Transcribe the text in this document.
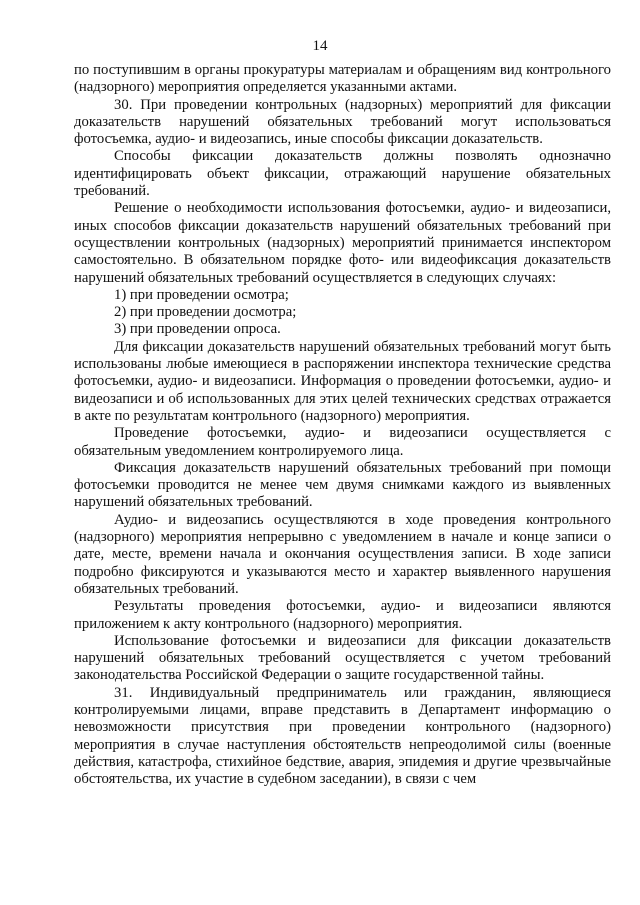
14

по поступившим в органы прокуратуры материалам и обращениям вид контрольного (надзорного) мероприятия определяется указанными актами.

30. При проведении контрольных (надзорных) мероприятий для фиксации доказательств нарушений обязательных требований могут использоваться фотосъемка, аудио- и видеозапись, иные способы фиксации доказательств.

Способы фиксации доказательств должны позволять однозначно идентифицировать объект фиксации, отражающий нарушение обязательных требований.

Решение о необходимости использования фотосъемки, аудио- и видеозаписи, иных способов фиксации доказательств нарушений обязательных требований при осуществлении контрольных (надзорных) мероприятий принимается инспектором самостоятельно. В обязательном порядке фото- или видеофиксация доказательств нарушений обязательных требований осуществляется в следующих случаях:

1) при проведении осмотра;

2) при проведении досмотра;

3) при проведении опроса.

Для фиксации доказательств нарушений обязательных требований могут быть использованы любые имеющиеся в распоряжении инспектора технические средства фотосъемки, аудио- и видеозаписи. Информация о проведении фотосъемки, аудио- и видеозаписи и об использованных для этих целей технических средствах отражается в акте по результатам контрольного (надзорного) мероприятия.

Проведение фотосъемки, аудио- и видеозаписи осуществляется с обязательным уведомлением контролируемого лица.

Фиксация доказательств нарушений обязательных требований при помощи фотосъемки проводится не менее чем двумя снимками каждого из выявленных нарушений обязательных требований.

Аудио- и видеозапись осуществляются в ходе проведения контрольного (надзорного) мероприятия непрерывно с уведомлением в начале и конце записи о дате, месте, времени начала и окончания осуществления записи. В ходе записи подробно фиксируются и указываются место и характер выявленного нарушения обязательных требований.

Результаты проведения фотосъемки, аудио- и видеозаписи являются приложением к акту контрольного (надзорного) мероприятия.

Использование фотосъемки и видеозаписи для фиксации доказательств нарушений обязательных требований осуществляется с учетом требований законодательства Российской Федерации о защите государственной тайны.

31. Индивидуальный предприниматель или гражданин, являющиеся контролируемыми лицами, вправе представить в Департамент информацию о невозможности присутствия при проведении контрольного (надзорного) мероприятия в случае наступления обстоятельств непреодолимой силы (военные действия, катастрофа, стихийное бедствие, авария, эпидемия и другие чрезвычайные обстоятельства, их участие в судебном заседании), в связи с чем
